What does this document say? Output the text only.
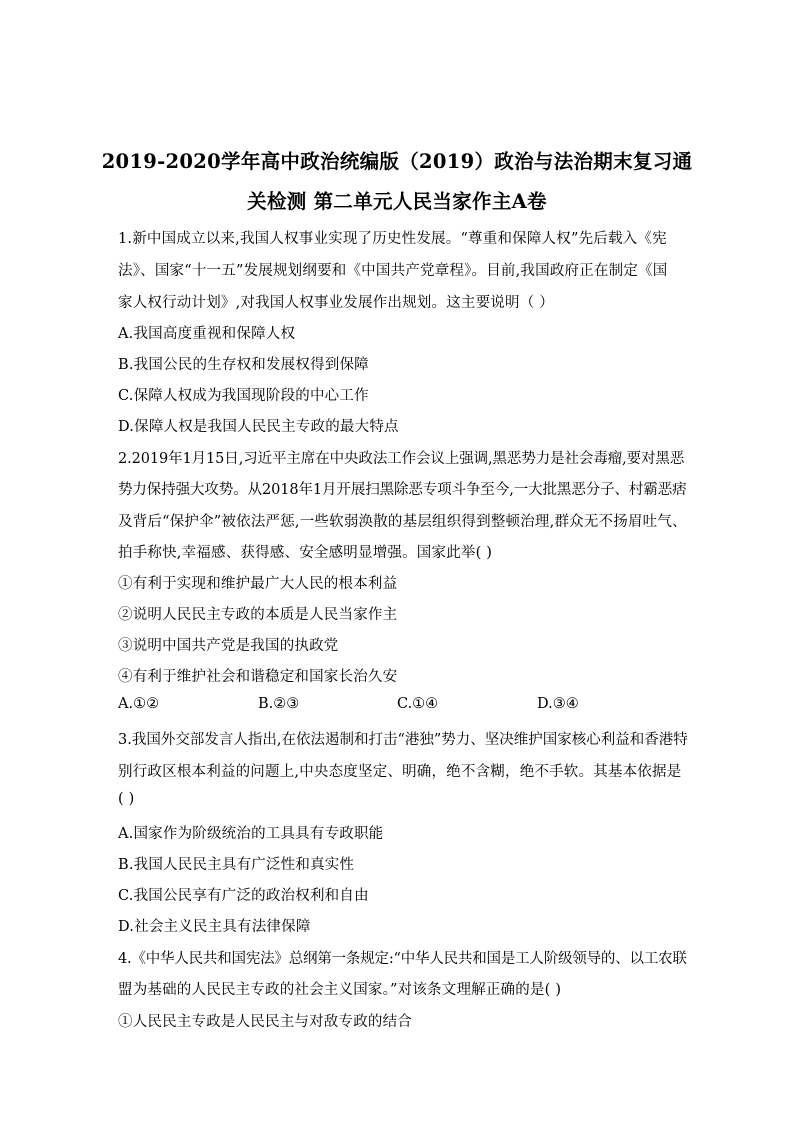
2019-2020学年高中政治统编版（2019）政治与法治期末复习通
关检测 第二单元人民当家作主A卷
1.新中国成立以来,我国人权事业实现了历史性发展。“尊重和保障人权”先后载入《宪
法》、国家“十一五”发展规划纲要和《中国共产党章程》。目前,我国政府正在制定《国
家人权行动计划》,对我国人权事业发展作出规划。这主要说明（ ）
A.我国高度重视和保障人权
B.我国公民的生存权和发展权得到保障
C.保障人权成为我国现阶段的中心工作
D.保障人权是我国人民民主专政的最大特点
2.2019年1月15日,习近平主席在中央政法工作会议上强调,黑恶势力是社会毒瘤,要对黑恶
势力保持强大攻势。从2018年1月开展扫黑除恶专项斗争至今,一大批黑恶分子、村霸恶痞
及背后“保护伞”被依法严惩,一些软弱涣散的基层组织得到整顿治理,群众无不扬眉吐气、
拍手称快,幸福感、获得感、安全感明显增强。国家此举( )
①有利于实现和维护最广大人民的根本利益
②说明人民民主专政的本质是人民当家作主
③说明中国共产党是我国的执政党
④有利于维护社会和谐稳定和国家长治久安
A.①②	B.②③	C.①④	D.③④
3.我国外交部发言人指出,在依法遏制和打击“港独”势力、坚决维护国家核心利益和香港特
别行政区根本利益的问题上,中央态度坚定、明确，绝不含糊，绝不手软。其基本依据是
( )
A.国家作为阶级统治的工具具有专政职能
B.我国人民民主具有广泛性和真实性
C.我国公民享有广泛的政治权利和自由
D.社会主义民主具有法律保障
4.《中华人民共和国宪法》总纲第一条规定:“中华人民共和国是工人阶级领导的、以工农联
盟为基础的人民民主专政的社会主义国家。”对该条文理解正确的是( )
①人民民主专政是人民民主与对敌专政的结合
